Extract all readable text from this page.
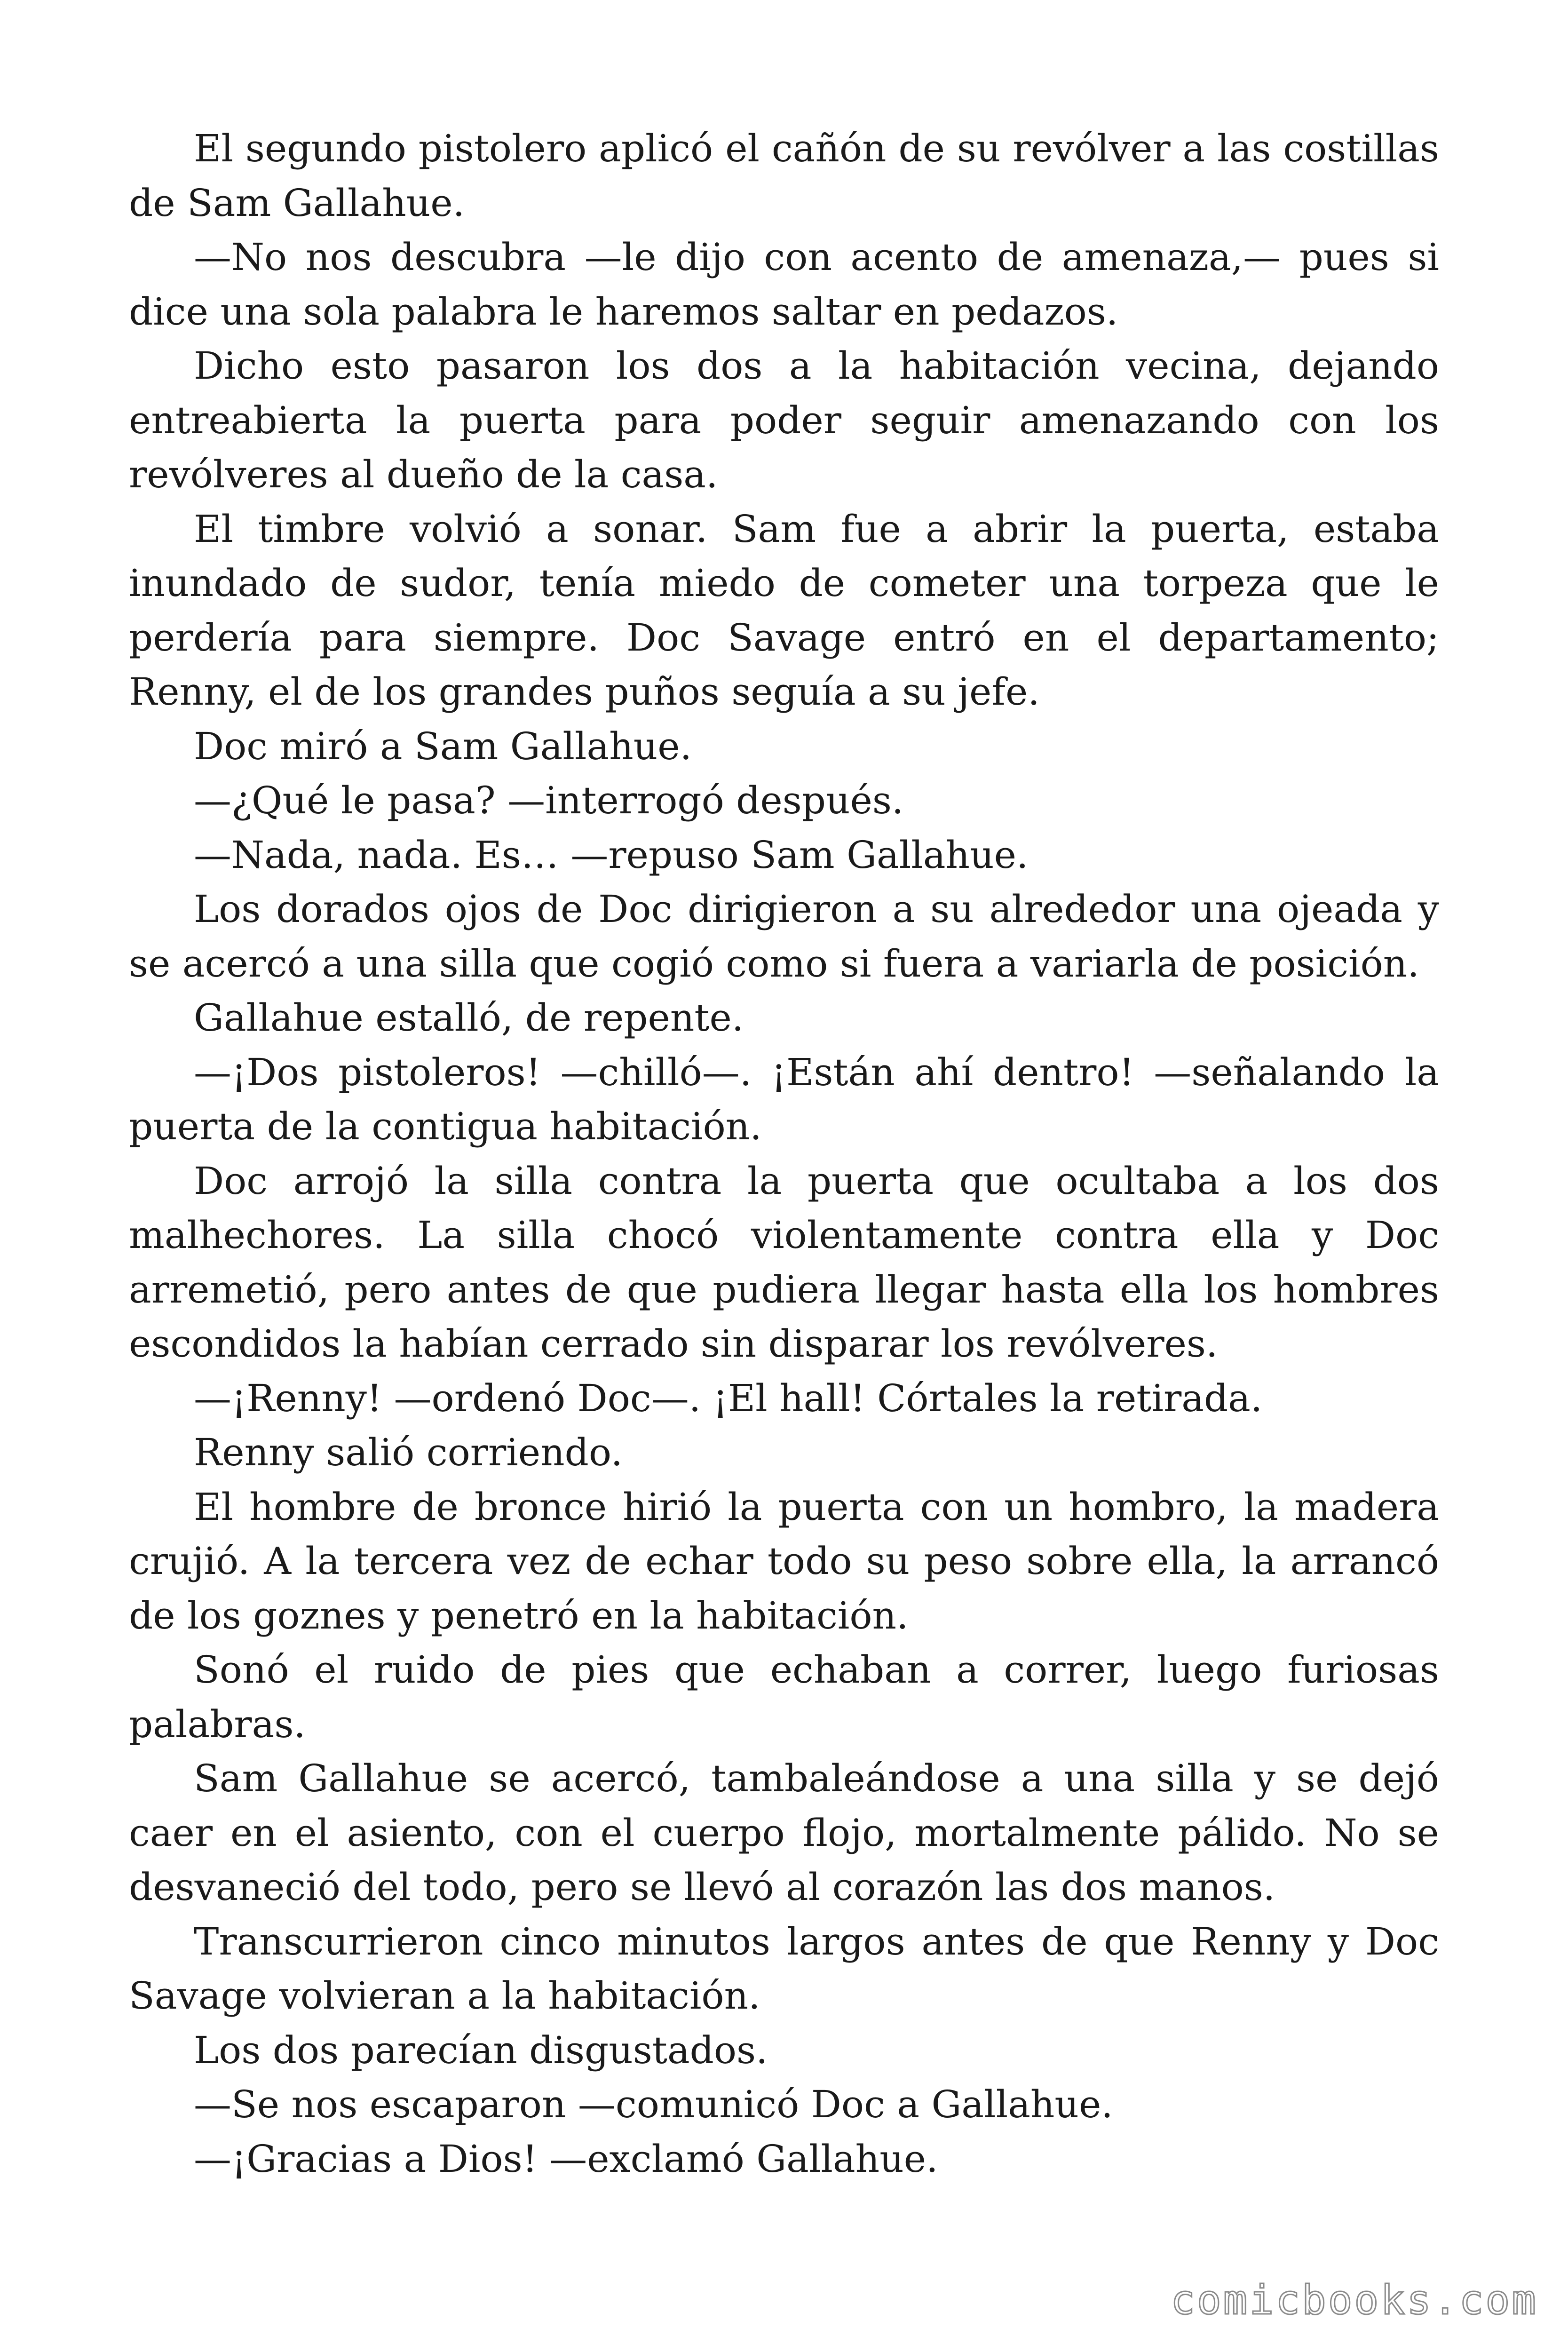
El segundo pistolero aplicó el cañón de su revólver a las costillas de Sam Gallahue.

—No nos descubra —le dijo con acento de amenaza,— pues si dice una sola palabra le haremos saltar en pedazos.

Dicho esto pasaron los dos a la habitación vecina, dejando entreabierta la puerta para poder seguir amenazando con los revólveres al dueño de la casa.

El timbre volvió a sonar. Sam fue a abrir la puerta, estaba inundado de sudor, tenía miedo de cometer una torpeza que le perdería para siempre. Doc Savage entró en el departamento; Renny, el de los grandes puños seguía a su jefe.

Doc miró a Sam Gallahue.

—¿Qué le pasa? —interrogó después.

—Nada, nada. Es… —repuso Sam Gallahue.

Los dorados ojos de Doc dirigieron a su alrededor una ojeada y se acercó a una silla que cogió como si fuera a variarla de posición.

Gallahue estalló, de repente.

—¡Dos pistoleros! —chilló—. ¡Están ahí dentro! —señalando la puerta de la contigua habitación.

Doc arrojó la silla contra la puerta que ocultaba a los dos malhechores. La silla chocó violentamente contra ella y Doc arremetió, pero antes de que pudiera llegar hasta ella los hombres escondidos la habían cerrado sin disparar los revólveres.

—¡Renny! —ordenó Doc—. ¡El hall! Córtales la retirada.

Renny salió corriendo.

El hombre de bronce hirió la puerta con un hombro, la madera crujió. A la tercera vez de echar todo su peso sobre ella, la arrancó de los goznes y penetró en la habitación.

Sonó el ruido de pies que echaban a correr, luego furiosas palabras.

Sam Gallahue se acercó, tambaleándose a una silla y se dejó caer en el asiento, con el cuerpo flojo, mortalmente pálido. No se desvaneció del todo, pero se llevó al corazón las dos manos.

Transcurrieron cinco minutos largos antes de que Renny y Doc Savage volvieran a la habitación.

Los dos parecían disgustados.

—Se nos escaparon —comunicó Doc a Gallahue.

—¡Gracias a Dios! —exclamó Gallahue.

comicbooks.com
